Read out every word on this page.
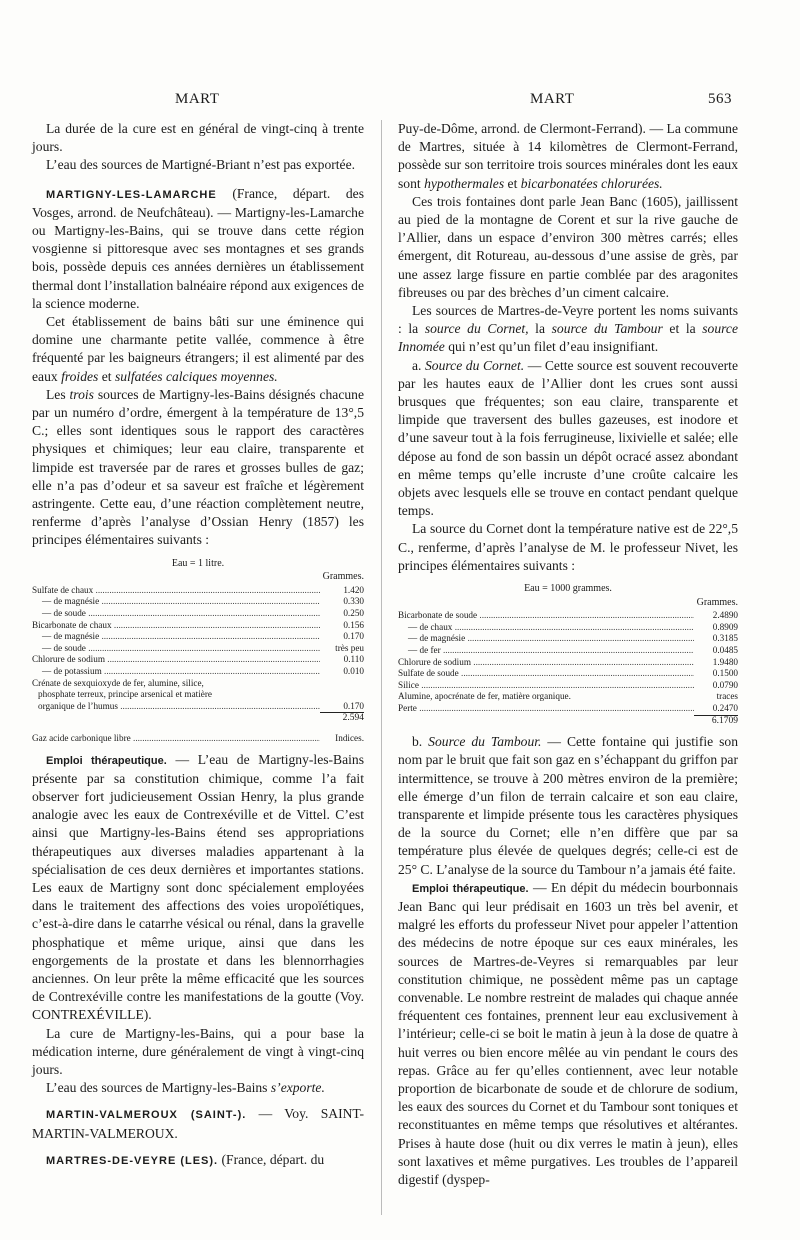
MART	MART	563

La durée de la cure est en général de vingt-cinq à trente jours.

L’eau des sources de Martigné-Briant n’est pas exportée.

MARTIGNY-LES-LAMARCHE (France, départ. des Vosges, arrond. de Neufchâteau). — Martigny-les-Lamarche ou Martigny-les-Bains, qui se trouve dans cette région vosgienne si pittoresque avec ses montagnes et ses grands bois, possède depuis ces années dernières un établissement thermal dont l’installation balnéaire répond aux exigences de la science moderne.

Cet établissement de bains bâti sur une éminence qui domine une charmante petite vallée, commence à être fréquenté par les baigneurs étrangers; il est alimenté par des eaux froides et sulfatées calciques moyennes.

Les trois sources de Martigny-les-Bains désignés chacune par un numéro d’ordre, émergent à la température de 13°,5 C.; elles sont identiques sous le rapport des caractères physiques et chimiques; leur eau claire, transparente et limpide est traversée par de rares et grosses bulles de gaz; elle n’a pas d’odeur et sa saveur est fraîche et légèrement astringente. Cette eau, d’une réaction complètement neutre, renferme d’après l’analyse d’Ossian Henry (1857) les principes élémentaires suivants :

Eau = 1 litre.
Grammes.
Sulfate de chaux .....	1.420
— de magnésie .....	0.330
— de soude .....	0.250
Bicarbonate de chaux .....	0.156
— de magnésie .....	0.170
— de soude .....	très peu
Chlorure de sodium .....	0.110
— de potassium .....	0.010
Crénate de sexquioxyde de fer, alumine, silice,
phosphate terreux, principe arsenical et matière
organique de l’humus .....	0.170
2.594
Gaz acide carbonique libre .....	Indices.

Emploi thérapeutique. — L’eau de Martigny-les-Bains présente par sa constitution chimique, comme l’a fait observer fort judicieusement Ossian Henry, la plus grande analogie avec les eaux de Contrexéville et de Vittel. C’est ainsi que Martigny-les-Bains étend ses appropriations thérapeutiques aux diverses maladies appartenant à la spécialisation de ces deux dernières et importantes stations. Les eaux de Martigny sont donc spécialement employées dans le traitement des affections des voies uropoïétiques, c’est-à-dire dans le catarrhe vésical ou rénal, dans la gravelle phosphatique et même urique, ainsi que dans les engorgements de la prostate et dans les blennorrhagies anciennes. On leur prête la même efficacité que les sources de Contrexéville contre les manifestations de la goutte (Voy. CONTREXÉVILLE).

La cure de Martigny-les-Bains, qui a pour base la médication interne, dure généralement de vingt à vingt-cinq jours.

L’eau des sources de Martigny-les-Bains s’exporte.

MARTIN-VALMEROUX (SAINT-). — Voy. SAINT-MARTIN-VALMEROUX.

MARTRES-DE-VEYRE (LES). (France, départ. du

Puy-de-Dôme, arrond. de Clermont-Ferrand). — La commune de Martres, située à 14 kilomètres de Clermont-Ferrand, possède sur son territoire trois sources minérales dont les eaux sont hypothermales et bicarbonatées chlorurées.

Ces trois fontaines dont parle Jean Banc (1605), jaillissent au pied de la montagne de Corent et sur la rive gauche de l’Allier, dans un espace d’environ 300 mètres carrés; elles émergent, dit Rotureau, au-dessous d’une assise de grès, par une assez large fissure en partie comblée par des aragonites fibreuses ou par des brèches d’un ciment calcaire.

Les sources de Martres-de-Veyre portent les noms suivants : la source du Cornet, la source du Tambour et la source Innomée qui n’est qu’un filet d’eau insignifiant.

a. Source du Cornet. — Cette source est souvent recouverte par les hautes eaux de l’Allier dont les crues sont aussi brusques que fréquentes; son eau claire, transparente et limpide que traversent des bulles gazeuses, est inodore et d’une saveur tout à la fois ferrugineuse, lixivielle et salée; elle dépose au fond de son bassin un dépôt ocracé assez abondant en même temps qu’elle incruste d’une croûte calcaire les objets avec lesquels elle se trouve en contact pendant quelque temps.

La source du Cornet dont la température native est de 22°,5 C., renferme, d’après l’analyse de M. le professeur Nivet, les principes élémentaires suivants :

Eau = 1000 grammes.
Grammes.
Bicarbonate de soude .....	2.4890
— de chaux .....	0.8909
— de magnésie .....	0.3185
— de fer .....	0.0485
Chlorure de sodium .....	1.9480
Sulfate de soude .....	0.1500
Silice .....	0.0790
Alumine, apocrénate de fer, matière organique.	traces
Perte .....	0.2470
6.1709

b. Source du Tambour. — Cette fontaine qui justifie son nom par le bruit que fait son gaz en s’échappant du griffon par intermittence, se trouve à 200 mètres environ de la première; elle émerge d’un filon de terrain calcaire et son eau claire, transparente et limpide présente tous les caractères physiques de la source du Cornet; elle n’en diffère que par sa température plus élevée de quelques degrés; celle-ci est de 25° C. L’analyse de la source du Tambour n’a jamais été faite.

Emploi thérapeutique. — En dépit du médecin bourbonnais Jean Banc qui leur prédisait en 1603 un très bel avenir, et malgré les efforts du professeur Nivet pour appeler l’attention des médecins de notre époque sur ces eaux minérales, les sources de Martres-de-Veyres si remarquables par leur constitution chimique, ne possèdent même pas un captage convenable. Le nombre restreint de malades qui chaque année fréquentent ces fontaines, prennent leur eau exclusivement à l’intérieur; celle-ci se boit le matin à jeun à la dose de quatre à huit verres ou bien encore mêlée au vin pendant le cours des repas. Grâce au fer qu’elles contiennent, avec leur notable proportion de bicarbonate de soude et de chlorure de sodium, les eaux des sources du Cornet et du Tambour sont toniques et reconstituantes en même temps que résolutives et altérantes. Prises à haute dose (huit ou dix verres le matin à jeun), elles sont laxatives et même purgatives. Les troubles de l’appareil digestif (dyspep-
